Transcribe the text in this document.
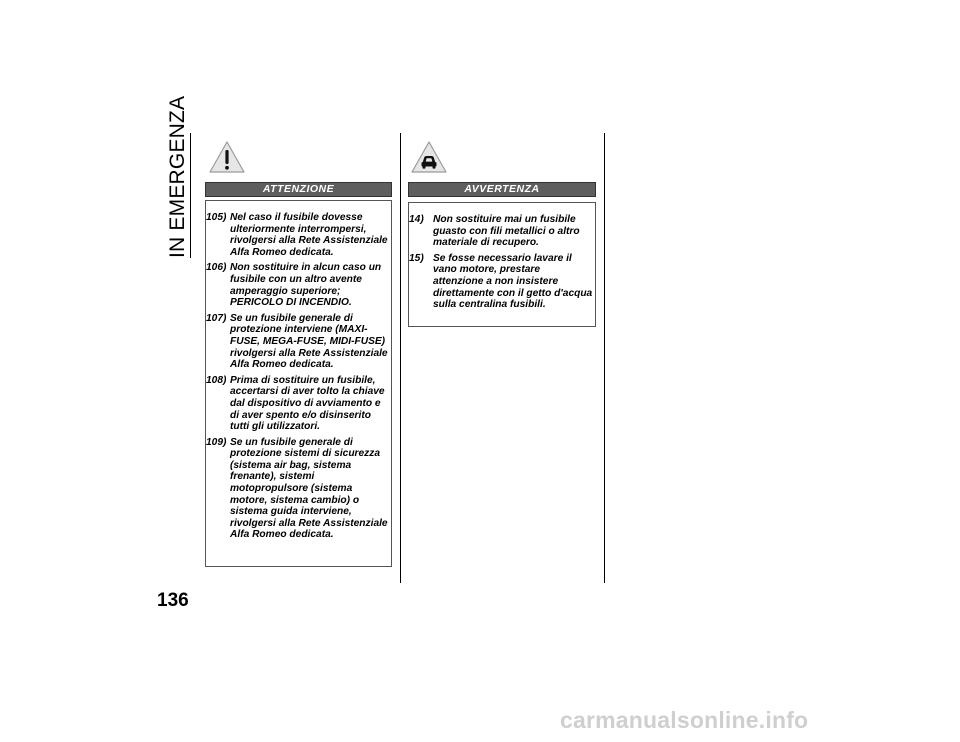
IN EMERGENZA	ATTENZIONE
105) Nel caso il fusibile dovesse ulteriormente interrompersi, rivolgersi alla Rete Assistenziale Alfa Romeo dedicata.
106) Non sostituire in alcun caso un fusibile con un altro avente amperaggio superiore; PERICOLO DI INCENDIO.
107) Se un fusibile generale di protezione interviene (MAXI-FUSE, MEGA-FUSE, MIDI-FUSE) rivolgersi alla Rete Assistenziale Alfa Romeo dedicata.
108) Prima di sostituire un fusibile, accertarsi di aver tolto la chiave dal dispositivo di avviamento e di aver spento e/o disinserito tutti gli utilizzatori.
109) Se un fusibile generale di protezione sistemi di sicurezza (sistema air bag, sistema frenante), sistemi motopropulsore (sistema motore, sistema cambio) o sistema guida interviene, rivolgersi alla Rete Assistenziale Alfa Romeo dedicata.
AVVERTENZA
14) Non sostituire mai un fusibile guasto con fili metallici o altro materiale di recupero.
15) Se fosse necessario lavare il vano motore, prestare attenzione a non insistere direttamente con il getto d'acqua sulla centralina fusibili.
136
carmanualsonline.info
